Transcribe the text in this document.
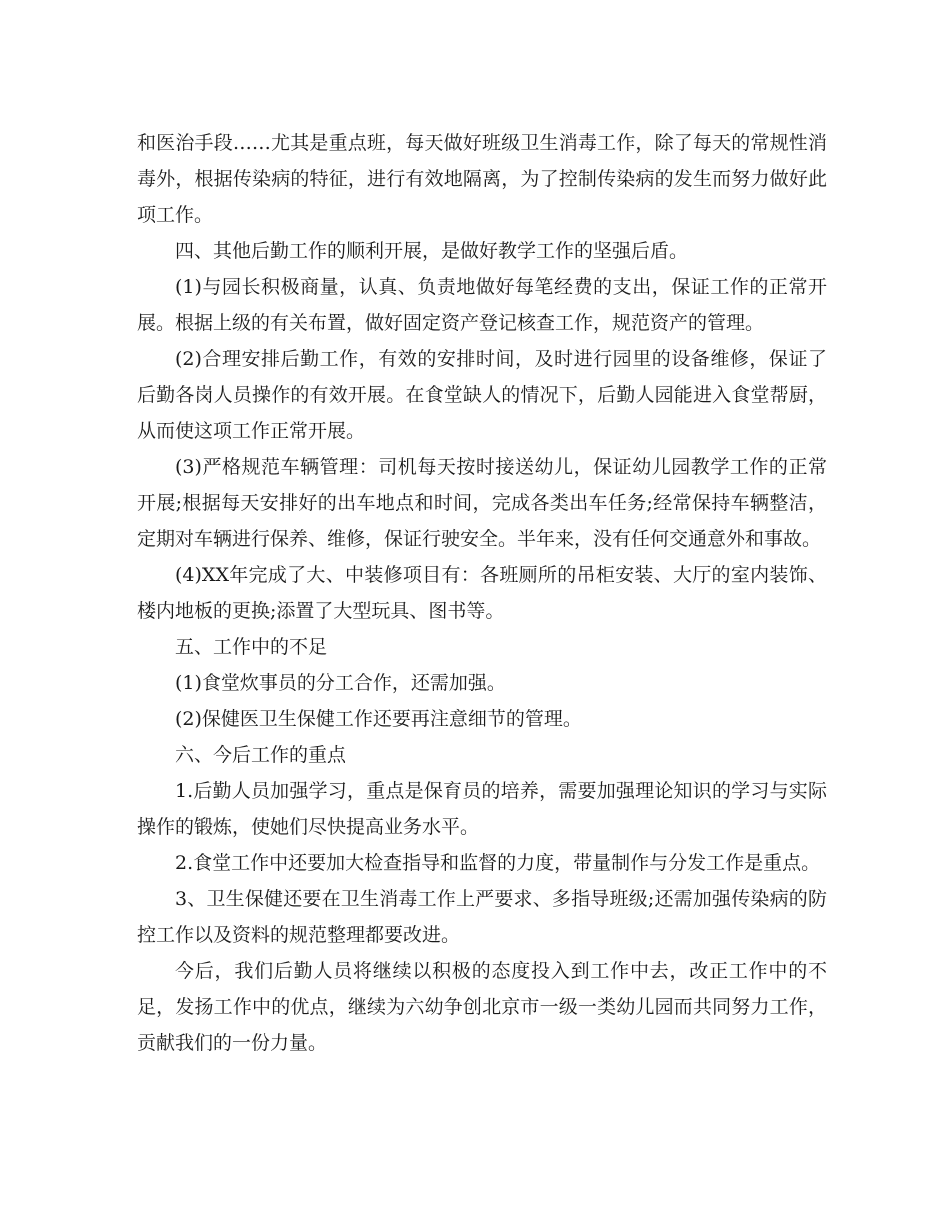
和医治手段……尤其是重点班，每天做好班级卫生消毒工作，除了每天的常规性消毒外，根据传染病的特征，进行有效地隔离，为了控制传染病的发生而努力做好此项工作。

四、其他后勤工作的顺利开展，是做好教学工作的坚强后盾。

(1)与园长积极商量，认真、负责地做好每笔经费的支出，保证工作的正常开展。根据上级的有关布置，做好固定资产登记核查工作，规范资产的管理。

(2)合理安排后勤工作，有效的安排时间，及时进行园里的设备维修，保证了后勤各岗人员操作的有效开展。在食堂缺人的情况下，后勤人园能进入食堂帮厨，从而使这项工作正常开展。

(3)严格规范车辆管理：司机每天按时接送幼儿，保证幼儿园教学工作的正常开展;根据每天安排好的出车地点和时间，完成各类出车任务;经常保持车辆整洁，定期对车辆进行保养、维修，保证行驶安全。半年来，没有任何交通意外和事故。

(4)XX年完成了大、中装修项目有：各班厕所的吊柜安装、大厅的室内装饰、楼内地板的更换;添置了大型玩具、图书等。

五、工作中的不足

(1)食堂炊事员的分工合作，还需加强。

(2)保健医卫生保健工作还要再注意细节的管理。

六、今后工作的重点

1.后勤人员加强学习，重点是保育员的培养，需要加强理论知识的学习与实际操作的锻炼，使她们尽快提高业务水平。

2.食堂工作中还要加大检查指导和监督的力度，带量制作与分发工作是重点。

3、卫生保健还要在卫生消毒工作上严要求、多指导班级;还需加强传染病的防控工作以及资料的规范整理都要改进。

今后，我们后勤人员将继续以积极的态度投入到工作中去，改正工作中的不足，发扬工作中的优点，继续为六幼争创北京市一级一类幼儿园而共同努力工作，贡献我们的一份力量。
